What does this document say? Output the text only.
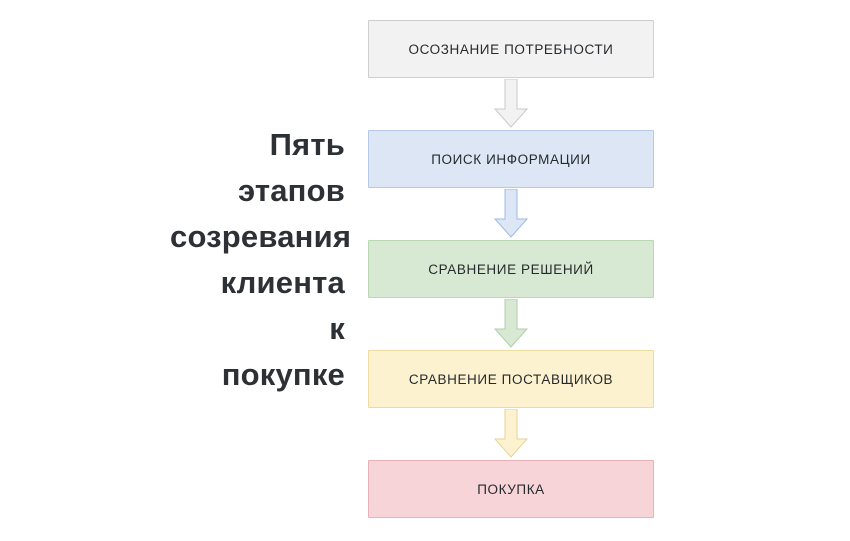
Пять
этапов
созревания
клиента
к
покупке
ОСОЗНАНИЕ ПОТРЕБНОСТИ
ПОИСК ИНФОРМАЦИИ
СРАВНЕНИЕ РЕШЕНИЙ
СРАВНЕНИЕ ПОСТАВЩИКОВ
ПОКУПКА
